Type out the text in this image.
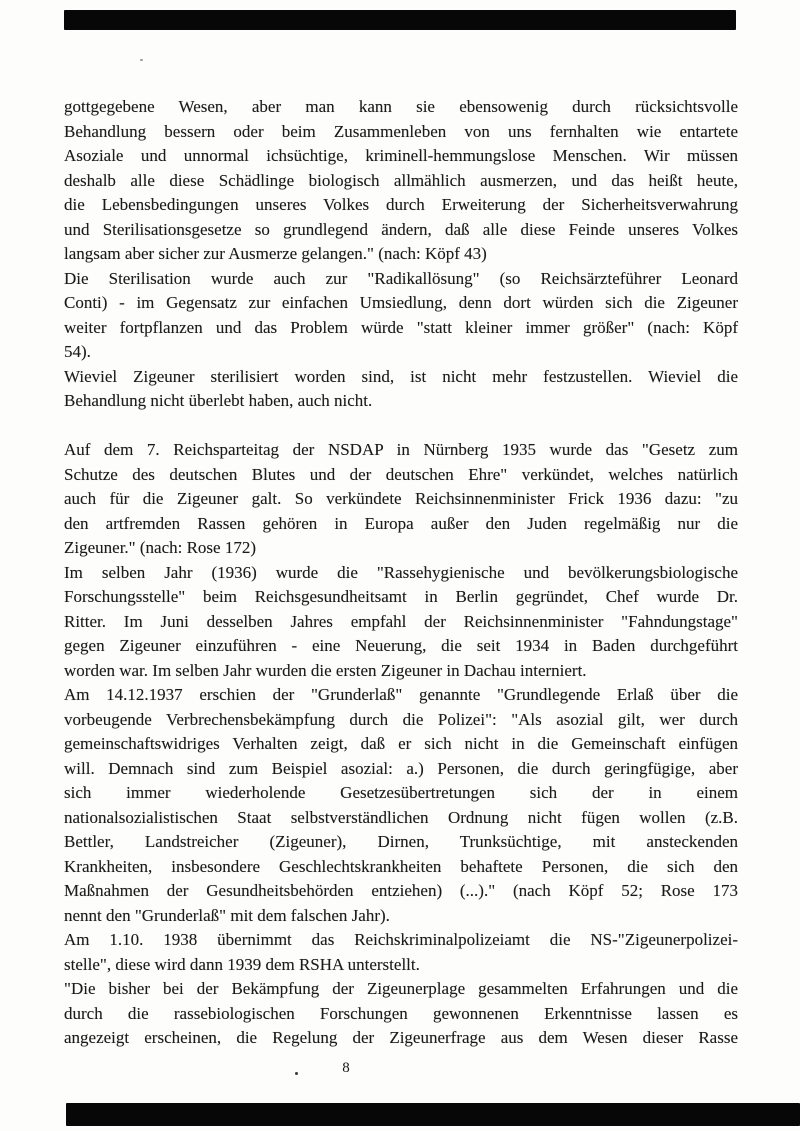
gottgegebene Wesen, aber man kann sie ebensowenig durch rücksichtsvolle
Behandlung bessern oder beim Zusammenleben von uns fernhalten wie entartete
Asoziale und unnormal ichsüchtige, kriminell-hemmungslose Menschen. Wir müssen
deshalb alle diese Schädlinge biologisch allmählich ausmerzen, und das heißt heute,
die Lebensbedingungen unseres Volkes durch Erweiterung der Sicherheitsverwahrung
und Sterilisationsgesetze so grundlegend ändern, daß alle diese Feinde unseres Volkes
langsam aber sicher zur Ausmerze gelangen." (nach: Köpf 43)
Die Sterilisation wurde auch zur "Radikallösung" (so Reichsärzteführer Leonard
Conti) - im Gegensatz zur einfachen Umsiedlung, denn dort würden sich die Zigeuner
weiter fortpflanzen und das Problem würde "statt kleiner immer größer" (nach: Köpf
54).
Wieviel Zigeuner sterilisiert worden sind, ist nicht mehr festzustellen. Wieviel die
Behandlung nicht überlebt haben, auch nicht.
Auf dem 7. Reichsparteitag der NSDAP in Nürnberg 1935 wurde das "Gesetz zum
Schutze des deutschen Blutes und der deutschen Ehre" verkündet, welches natürlich
auch für die Zigeuner galt. So verkündete Reichsinnenminister Frick 1936 dazu: "zu
den artfremden Rassen gehören in Europa außer den Juden regelmäßig nur die
Zigeuner." (nach: Rose 172)
Im selben Jahr (1936) wurde die "Rassehygienische und bevölkerungsbiologische
Forschungsstelle" beim Reichsgesundheitsamt in Berlin gegründet, Chef wurde Dr.
Ritter. Im Juni desselben Jahres empfahl der Reichsinnenminister "Fahndungstage"
gegen Zigeuner einzuführen - eine Neuerung, die seit 1934 in Baden durchgeführt
worden war. Im selben Jahr wurden die ersten Zigeuner in Dachau interniert.
Am 14.12.1937 erschien der "Grunderlaß" genannte "Grundlegende Erlaß über die
vorbeugende Verbrechensbekämpfung durch die Polizei": "Als asozial gilt, wer durch
gemeinschaftswidriges Verhalten zeigt, daß er sich nicht in die Gemeinschaft einfügen
will. Demnach sind zum Beispiel asozial: a.) Personen, die durch geringfügige, aber
sich immer wiederholende Gesetzesübertretungen sich der in einem
nationalsozialistischen Staat selbstverständlichen Ordnung nicht fügen wollen (z.B.
Bettler, Landstreicher (Zigeuner), Dirnen, Trunksüchtige, mit ansteckenden
Krankheiten, insbesondere Geschlechtskrankheiten behaftete Personen, die sich den
Maßnahmen der Gesundheitsbehörden entziehen) (...)." (nach Köpf 52; Rose 173
nennt den "Grunderlaß" mit dem falschen Jahr).
Am 1.10. 1938 übernimmt das Reichskriminalpolizeiamt die NS-"Zigeunerpolizei-
stelle", diese wird dann 1939 dem RSHA unterstellt.
"Die bisher bei der Bekämpfung der Zigeunerplage gesammelten Erfahrungen und die
durch die rassebiologischen Forschungen gewonnenen Erkenntnisse lassen es
angezeigt erscheinen, die Regelung der Zigeunerfrage aus dem Wesen dieser Rasse
8
